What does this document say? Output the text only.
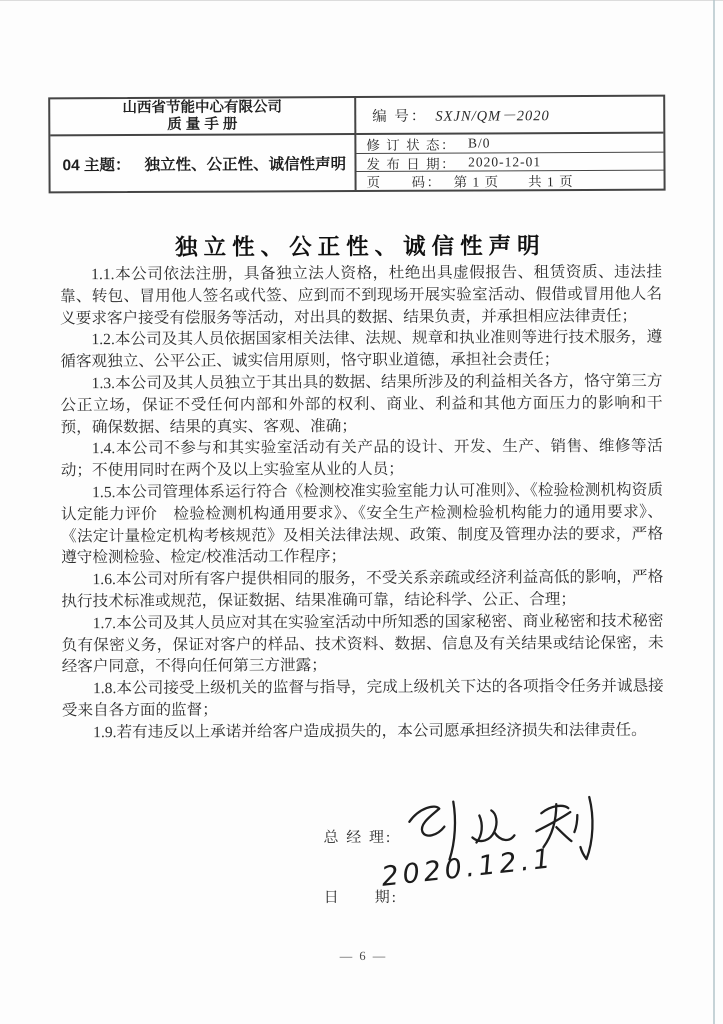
山西省节能中心有限公司
质 量 手 册	编 号： SXJN/QM－2020
04 主题： 独立性、公正性、诚信性声明
修 订 状 态： B/0
发 布 日 期： 2020-12-01
页　　码： 第 1 页　　共 1 页
独立性、公正性、诚信性声明

1.1.本公司依法注册，具备独立法人资格，杜绝出具虚假报告、租赁资质、违法挂靠、转包、冒用他人签名或代签、应到而不到现场开展实验室活动、假借或冒用他人名义要求客户接受有偿服务等活动，对出具的数据、结果负责，并承担相应法律责任；

1.2.本公司及其人员依据国家相关法律、法规、规章和执业准则等进行技术服务，遵循客观独立、公平公正、诚实信用原则，恪守职业道德，承担社会责任；

1.3.本公司及其人员独立于其出具的数据、结果所涉及的利益相关各方，恪守第三方公正立场，保证不受任何内部和外部的权利、商业、利益和其他方面压力的影响和干预，确保数据、结果的真实、客观、准确；

1.4.本公司不参与和其实验室活动有关产品的设计、开发、生产、销售、维修等活动；不使用同时在两个及以上实验室从业的人员；

1.5.本公司管理体系运行符合《检测校准实验室能力认可准则》、《检验检测机构资质认定能力评价　检验检测机构通用要求》、《安全生产检测检验机构能力的通用要求》、《法定计量检定机构考核规范》及相关法律法规、政策、制度及管理办法的要求，严格遵守检测检验、检定/校准活动工作程序；

1.6.本公司对所有客户提供相同的服务，不受关系亲疏或经济利益高低的影响，严格执行技术标准或规范，保证数据、结果准确可靠，结论科学、公正、合理；

1.7.本公司及其人员应对其在实验室活动中所知悉的国家秘密、商业秘密和技术秘密负有保密义务，保证对客户的样品、技术资料、数据、信息及有关结果或结论保密，未经客户同意，不得向任何第三方泄露；

1.8.本公司接受上级机关的监督与指导，完成上级机关下达的各项指令任务并诚恳接受来自各方面的监督；

1.9.若有违反以上承诺并给客户造成损失的，本公司愿承担经济损失和法律责任。

总 经 理:
日　　期:
2020.12.1
— 6 —
